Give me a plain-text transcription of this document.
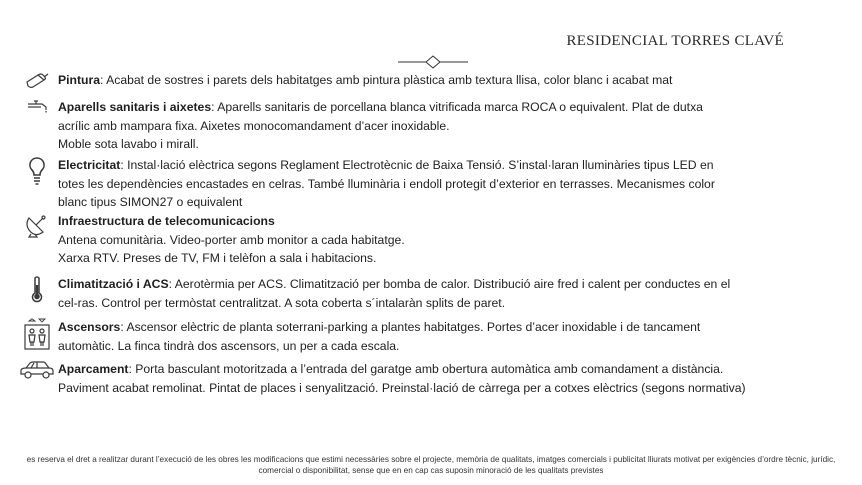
RESIDENCIAL TORRES CLAVÉ
Pintura: Acabat de sostres i parets dels habitatges amb pintura plàstica amb textura llisa, color blanc i acabat mat
Aparells sanitaris i aixetes: Aparells sanitaris de porcellana blanca vitrificada marca ROCA o equivalent. Plat de dutxa
acrílic amb mampara fixa. Aixetes monocomandament d’acer inoxidable.
Moble sota lavabo i mirall.
Electricitat: Instal·lació elèctrica segons Reglament Electrotècnic de Baixa Tensió. S’instal·laran lluminàries tipus LED en
totes les dependències encastades en celras. També lluminària i endoll protegit d’exterior en terrasses. Mecanismes color
blanc tipus SIMON27 o equivalent
Infraestructura de telecomunicacions
Antena comunitària. Video-porter amb monitor a cada habitatge.
Xarxa RTV. Preses de TV, FM i telèfon a sala i habitacions.
Climatització i ACS: Aerotèrmia per ACS. Climatització per bomba de calor. Distribució aire fred i calent per conductes en el
cel-ras. Control per termòstat centralitzat. A sota coberta s´intalaràn splits de paret.
Ascensors: Ascensor elèctric de planta soterrani-parking a plantes habitatges. Portes d’acer inoxidable i de tancament
automàtic. La finca tindrà dos ascensors, un per a cada escala.
Aparcament: Porta basculant motoritzada a l’entrada del garatge amb obertura automàtica amb comandament a distància.
Paviment acabat remolinat. Pintat de places i senyalització. Preinstal·lació de càrrega per a cotxes elèctrics (segons normativa)
es reserva el dret a realitzar durant l’execució de les obres les modificacions que estimi necessàries sobre el projecte, memòria de qualitats, imatges comercials i publicitat lliurats motivat per exigències d’ordre tècnic, jurídic,
comercial o disponibilitat, sense que en en cap cas suposin minoració de les qualitats previstes
